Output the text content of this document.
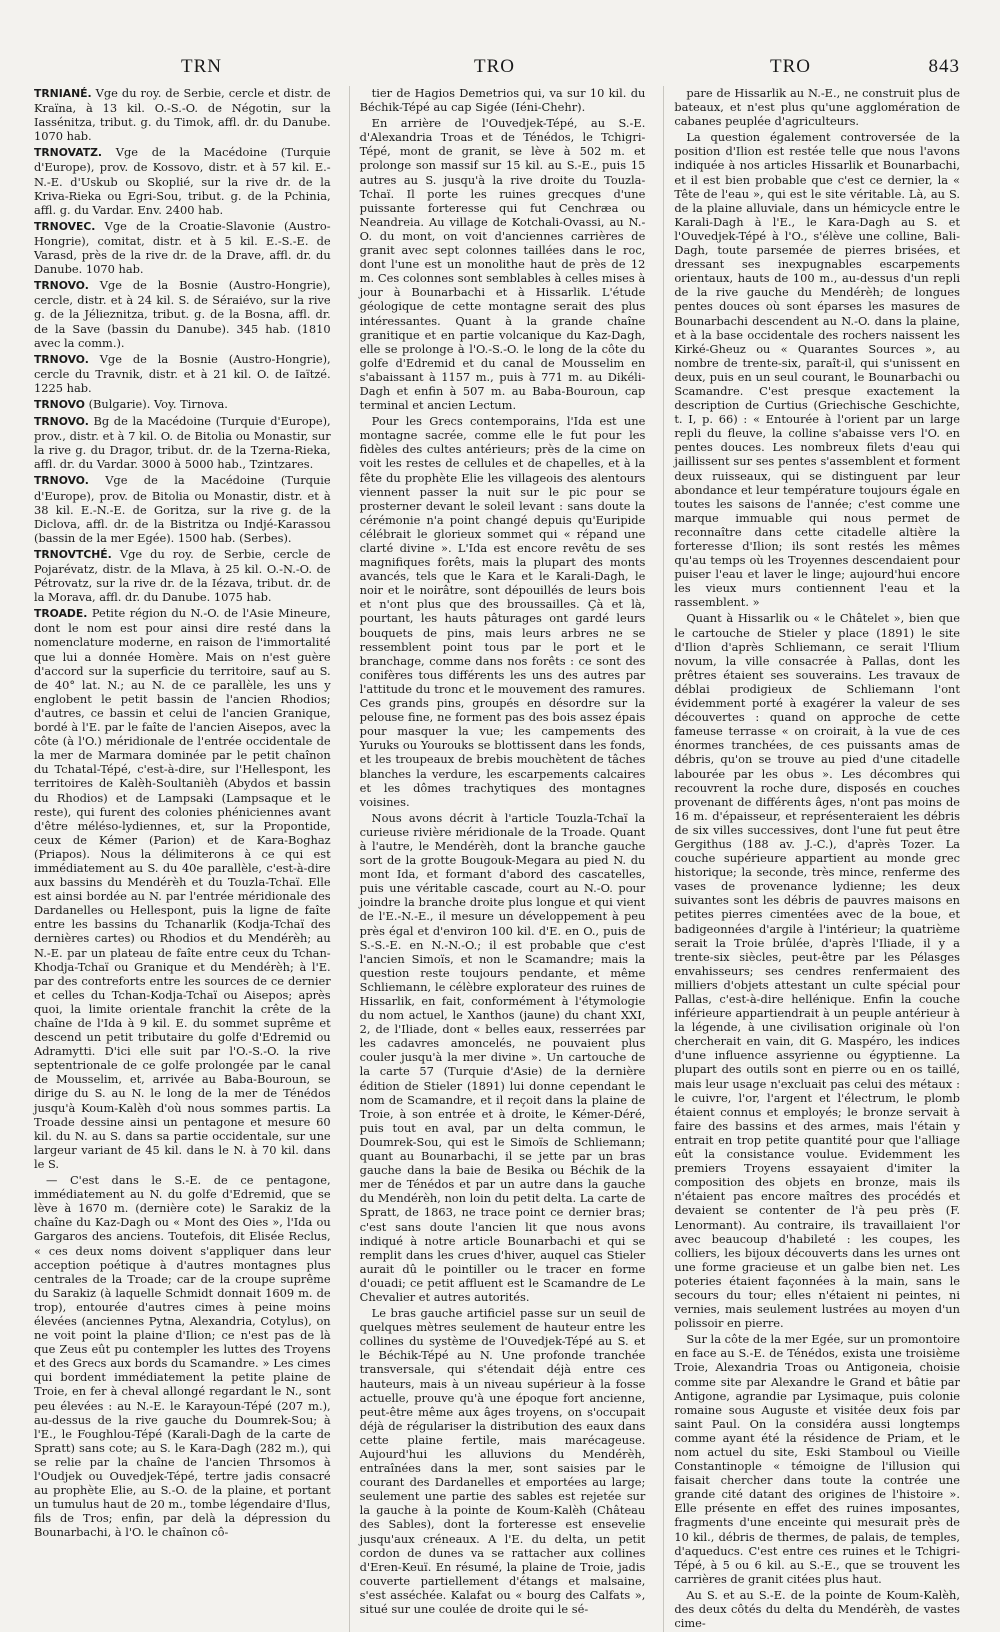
TRN	TRO	TRO	843

TRNIANÉ. Vge du roy. de Serbie, cercle et distr. de Kraïna, à 13 kil. O.-S.-O. de Négotin, sur la Iassénitza, tribut. g. du Timok, affl. dr. du Danube. 1070 hab.

TRNOVATZ. Vge de la Macédoine (Turquie d'Europe), prov. de Kossovo, distr. et à 57 kil. E.-N.-E. d'Uskub ou Skoplié, sur la rive dr. de la Kriva-Rieka ou Egri-Sou, tribut. g. de la Pchinia, affl. g. du Vardar. Env. 2400 hab.

TRNOVEC. Vge de la Croatie-Slavonie (Austro-Hongrie), comitat, distr. et à 5 kil. E.-S.-E. de Varasd, près de la rive dr. de la Drave, affl. dr. du Danube. 1070 hab.

TRNOVO. Vge de la Bosnie (Austro-Hongrie), cercle, distr. et à 24 kil. S. de Séraiévo, sur la rive g. de la Jélieznitza, tribut. g. de la Bosna, affl. dr. de la Save (bassin du Danube). 345 hab. (1810 avec la comm.).

TRNOVO. Vge de la Bosnie (Austro-Hongrie), cercle du Travnik, distr. et à 21 kil. O. de Iaïtzé. 1225 hab.

TRNOVO (Bulgarie). Voy. Tirnova.

TRNOVO. Bg de la Macédoine (Turquie d'Europe), prov., distr. et à 7 kil. O. de Bitolia ou Monastir, sur la rive g. du Dragor, tribut. dr. de la Tzerna-Rieka, affl. dr. du Vardar. 3000 à 5000 hab., Tzintzares.

TRNOVO. Vge de la Macédoine (Turquie d'Europe), prov. de Bitolia ou Monastir, distr. et à 38 kil. E.-N.-E. de Goritza, sur la rive g. de la Diclova, affl. dr. de la Bistritza ou Indjé-Karassou (bassin de la mer Egée). 1500 hab. (Serbes).

TRNOVTCHÉ. Vge du roy. de Serbie, cercle de Pojarévatz, distr. de la Mlava, à 25 kil. O.-N.-O. de Pétrovatz, sur la rive dr. de la Iézava, tribut. dr. de la Morava, affl. dr. du Danube. 1075 hab.

TROADE. Petite région du N.-O. de l'Asie Mineure, dont le nom est pour ainsi dire resté dans la nomenclature moderne, en raison de l'immortalité que lui a donnée Homère. Mais on n'est guère d'accord sur la superficie du territoire, sauf au S. de 40° lat. N.; au N. de ce parallèle, les uns y englobent le petit bassin de l'ancien Rhodios; d'autres, ce bassin et celui de l'ancien Granique, bordé à l'E. par le faîte de l'ancien Aisepos, avec la côte (à l'O.) méridionale de l'entrée occidentale de la mer de Marmara dominée par le petit chaînon du Tchatal-Tépé, c'est-à-dire, sur l'Hellespont, les territoires de Kalèh-Soultanièh (Abydos et bassin du Rhodios) et de Lampsaki (Lampsaque et le reste), qui furent des colonies phéniciennes avant d'être méléso-lydiennes, et, sur la Propontide, ceux de Kémer (Parion) et de Kara-Boghaz (Priapos). Nous la délimiterons à ce qui est immédiatement au S. du 40e parallèle, c'est-à-dire aux bassins du Mendérèh et du Touzla-Tchaï. Elle est ainsi bordée au N. par l'entrée méridionale des Dardanelles ou Hellespont, puis la ligne de faîte entre les bassins du Tchanarlik (Kodja-Tchaï des dernières cartes) ou Rhodios et du Mendérèh; au N.-E. par un plateau de faîte entre ceux du Tchan-Khodja-Tchaï ou Granique et du Mendérèh; à l'E. par des contreforts entre les sources de ce dernier et celles du Tchan-Kodja-Tchaï ou Aisepos; après quoi, la limite orientale franchit la crête de la chaîne de l'Ida à 9 kil. E. du sommet suprême et descend un petit tributaire du golfe d'Edremid ou Adramytti. D'ici elle suit par l'O.-S.-O. la rive septentrionale de ce golfe prolongée par le canal de Mousselim, et, arrivée au Baba-Bouroun, se dirige du S. au N. le long de la mer de Ténédos jusqu'à Koum-Kalèh d'où nous sommes partis. La Troade dessine ainsi un pentagone et mesure 60 kil. du N. au S. dans sa partie occidentale, sur une largeur variant de 45 kil. dans le N. à 70 kil. dans le S.

— C'est dans le S.-E. de ce pentagone, immédiatement au N. du golfe d'Edremid, que se lève à 1670 m. (dernière cote) le Sarakiz de la chaîne du Kaz-Dagh ou « Mont des Oies », l'Ida ou Gargaros des anciens. Toutefois, dit Elisée Reclus, « ces deux noms doivent s'appliquer dans leur acception poétique à d'autres montagnes plus centrales de la Troade; car de la croupe suprême du Sarakiz (à laquelle Schmidt donnait 1609 m. de trop), entourée d'autres cimes à peine moins élevées (anciennes Pytna, Alexandria, Cotylus), on ne voit point la plaine d'Ilion; ce n'est pas de là que Zeus eût pu contempler les luttes des Troyens et des Grecs aux bords du Scamandre. » Les cimes qui bordent immédiatement la petite plaine de Troie, en fer à cheval allongé regardant le N., sont peu élevées : au N.-E. le Karayoun-Tépé (207 m.), au-dessus de la rive gauche du Doumrek-Sou; à l'E., le Foughlou-Tépé (Karali-Dagh de la carte de Spratt) sans cote; au S. le Kara-Dagh (282 m.), qui se relie par la chaîne de l'ancien Thrsomos à l'Oudjek ou Ouvedjek-Tépé, tertre jadis consacré au prophète Elie, au S.-O. de la plaine, et portant un tumulus haut de 20 m., tombe légendaire d'Ilus, fils de Tros; enfin, par delà la dépression du Bounarbachi, à l'O. le chaînon cô-

tier de Hagios Demetrios qui, va sur 10 kil. du Béchik-Tépé au cap Sigée (Iéni-Chehr).

En arrière de l'Ouvedjek-Tépé, au S.-E. d'Alexandria Troas et de Ténédos, le Tchigri-Tépé, mont de granit, se lève à 502 m. et prolonge son massif sur 15 kil. au S.-E., puis 15 autres au S. jusqu'à la rive droite du Touzla-Tchaï. Il porte les ruines grecques d'une puissante forteresse qui fut Cenchræa ou Neandreia. Au village de Kotchali-Ovassi, au N.-O. du mont, on voit d'anciennes carrières de granit avec sept colonnes taillées dans le roc, dont l'une est un monolithe haut de près de 12 m. Ces colonnes sont semblables à celles mises à jour à Bounarbachi et à Hissarlik. L'étude géologique de cette montagne serait des plus intéressantes. Quant à la grande chaîne granitique et en partie volcanique du Kaz-Dagh, elle se prolonge à l'O.-S.-O. le long de la côte du golfe d'Edremid et du canal de Mousselim en s'abaissant à 1157 m., puis à 771 m. au Dikéli-Dagh et enfin à 507 m. au Baba-Bouroun, cap terminal et ancien Lectum.

Pour les Grecs contemporains, l'Ida est une montagne sacrée, comme elle le fut pour les fidèles des cultes antérieurs; près de la cime on voit les restes de cellules et de chapelles, et à la fête du prophète Elie les villageois des alentours viennent passer la nuit sur le pic pour se prosterner devant le soleil levant : sans doute la cérémonie n'a point changé depuis qu'Euripide célébrait le glorieux sommet qui « répand une clarté divine ». L'Ida est encore revêtu de ses magnifiques forêts, mais la plupart des monts avancés, tels que le Kara et le Karali-Dagh, le noir et le noirâtre, sont dépouillés de leurs bois et n'ont plus que des broussailles. Çà et là, pourtant, les hauts pâturages ont gardé leurs bouquets de pins, mais leurs arbres ne se ressemblent point tous par le port et le branchage, comme dans nos forêts : ce sont des conifères tous différents les uns des autres par l'attitude du tronc et le mouvement des ramures. Ces grands pins, groupés en désordre sur la pelouse fine, ne forment pas des bois assez épais pour masquer la vue; les campements des Yuruks ou Yourouks se blottissent dans les fonds, et les troupeaux de brebis mouchètent de tâches blanches la verdure, les escarpements calcaires et les dômes trachytiques des montagnes voisines.

Nous avons décrit à l'article Touzla-Tchaï la curieuse rivière méridionale de la Troade. Quant à l'autre, le Mendérèh, dont la branche gauche sort de la grotte Bougouk-Megara au pied N. du mont Ida, et formant d'abord des cascatelles, puis une véritable cascade, court au N.-O. pour joindre la branche droite plus longue et qui vient de l'E.-N.-E., il mesure un développement à peu près égal et d'environ 100 kil. d'E. en O., puis de S.-S.-E. en N.-N.-O.; il est probable que c'est l'ancien Simoïs, et non le Scamandre; mais la question reste toujours pendante, et même Schliemann, le célèbre explorateur des ruines de Hissarlik, en fait, conformément à l'étymologie du nom actuel, le Xanthos (jaune) du chant XXI, 2, de l'Iliade, dont « belles eaux, resserrées par les cadavres amoncelés, ne pouvaient plus couler jusqu'à la mer divine ». Un cartouche de la carte 57 (Turquie d'Asie) de la dernière édition de Stieler (1891) lui donne cependant le nom de Scamandre, et il reçoit dans la plaine de Troie, à son entrée et à droite, le Kémer-Déré, puis tout en aval, par un delta commun, le Doumrek-Sou, qui est le Simoïs de Schliemann; quant au Bounarbachi, il se jette par un bras gauche dans la baie de Besika ou Béchik de la mer de Ténédos et par un autre dans la gauche du Mendérèh, non loin du petit delta. La carte de Spratt, de 1863, ne trace point ce dernier bras; c'est sans doute l'ancien lit que nous avons indiqué à notre article Bounarbachi et qui se remplit dans les crues d'hiver, auquel cas Stieler aurait dû le pointiller ou le tracer en forme d'ouadi; ce petit affluent est le Scamandre de Le Chevalier et autres autorités.

Le bras gauche artificiel passe sur un seuil de quelques mètres seulement de hauteur entre les collines du système de l'Ouvedjek-Tépé au S. et le Béchik-Tépé au N. Une profonde tranchée transversale, qui s'étendait déjà entre ces hauteurs, mais à un niveau supérieur à la fosse actuelle, prouve qu'à une époque fort ancienne, peut-être même aux âges troyens, on s'occupait déjà de régulariser la distribution des eaux dans cette plaine fertile, mais marécageuse. Aujourd'hui les alluvions du Mendérèh, entraînées dans la mer, sont saisies par le courant des Dardanelles et emportées au large; seulement une partie des sables est rejetée sur la gauche à la pointe de Koum-Kalèh (Château des Sables), dont la forteresse est ensevelie jusqu'aux créneaux. A l'E. du delta, un petit cordon de dunes va se rattacher aux collines d'Eren-Keuï. En résumé, la plaine de Troie, jadis couverte partiellement d'étangs et malsaine, s'est asséchée. Kalafat ou « bourg des Calfats », situé sur une coulée de droite qui le sé-

pare de Hissarlik au N.-E., ne construit plus de bateaux, et n'est plus qu'une agglomération de cabanes peuplée d'agriculteurs.

La question également controversée de la position d'Ilion est restée telle que nous l'avons indiquée à nos articles Hissarlik et Bounarbachi, et il est bien probable que c'est ce dernier, la « Tête de l'eau », qui est le site véritable. Là, au S. de la plaine alluviale, dans un hémicycle entre le Karali-Dagh à l'E., le Kara-Dagh au S. et l'Ouvedjek-Tépé à l'O., s'élève une colline, Bali-Dagh, toute parsemée de pierres brisées, et dressant ses inexpugnables escarpements orientaux, hauts de 100 m., au-dessus d'un repli de la rive gauche du Mendérèh; de longues pentes douces où sont éparses les masures de Bounarbachi descendent au N.-O. dans la plaine, et à la base occidentale des rochers naissent les Kirké-Gheuz ou « Quarantes Sources », au nombre de trente-six, paraît-il, qui s'unissent en deux, puis en un seul courant, le Bounarbachi ou Scamandre. C'est presque exactement la description de Curtius (Griechische Geschichte, t. I, p. 66) : « Entourée à l'orient par un large repli du fleuve, la colline s'abaisse vers l'O. en pentes douces. Les nombreux filets d'eau qui jaillissent sur ses pentes s'assemblent et forment deux ruisseaux, qui se distinguent par leur abondance et leur température toujours égale en toutes les saisons de l'année; c'est comme une marque immuable qui nous permet de reconnaître dans cette citadelle altière la forteresse d'Ilion; ils sont restés les mêmes qu'au temps où les Troyennes descendaient pour puiser l'eau et laver le linge; aujourd'hui encore les vieux murs contiennent l'eau et la rassemblent. »

Quant à Hissarlik ou « le Châtelet », bien que le cartouche de Stieler y place (1891) le site d'Ilion d'après Schliemann, ce serait l'Ilium novum, la ville consacrée à Pallas, dont les prêtres étaient ses souverains. Les travaux de déblai prodigieux de Schliemann l'ont évidemment porté à exagérer la valeur de ses découvertes : quand on approche de cette fameuse terrasse « on croirait, à la vue de ces énormes tranchées, de ces puissants amas de débris, qu'on se trouve au pied d'une citadelle labourée par les obus ». Les décombres qui recouvrent la roche dure, disposés en couches provenant de différents âges, n'ont pas moins de 16 m. d'épaisseur, et représenteraient les débris de six villes successives, dont l'une fut peut être Gergithus (188 av. J.-C.), d'après Tozer. La couche supérieure appartient au monde grec historique; la seconde, très mince, renferme des vases de provenance lydienne; les deux suivantes sont les débris de pauvres maisons en petites pierres cimentées avec de la boue, et badigeonnées d'argile à l'intérieur; la quatrième serait la Troie brûlée, d'après l'Iliade, il y a trente-six siècles, peut-être par les Pélasges envahisseurs; ses cendres renfermaient des milliers d'objets attestant un culte spécial pour Pallas, c'est-à-dire hellénique. Enfin la couche inférieure appartiendrait à un peuple antérieur à la légende, à une civilisation originale où l'on chercherait en vain, dit G. Maspéro, les indices d'une influence assyrienne ou égyptienne. La plupart des outils sont en pierre ou en os taillé, mais leur usage n'excluait pas celui des métaux : le cuivre, l'or, l'argent et l'électrum, le plomb étaient connus et employés; le bronze servait à faire des bassins et des armes, mais l'étain y entrait en trop petite quantité pour que l'alliage eût la consistance voulue. Evidemment les premiers Troyens essayaient d'imiter la composition des objets en bronze, mais ils n'étaient pas encore maîtres des procédés et devaient se contenter de l'à peu près (F. Lenormant). Au contraire, ils travaillaient l'or avec beaucoup d'habileté : les coupes, les colliers, les bijoux découverts dans les urnes ont une forme gracieuse et un galbe bien net. Les poteries étaient façonnées à la main, sans le secours du tour; elles n'étaient ni peintes, ni vernies, mais seulement lustrées au moyen d'un polissoir en pierre.

Sur la côte de la mer Egée, sur un promontoire en face au S.-E. de Ténédos, exista une troisième Troie, Alexandria Troas ou Antigoneia, choisie comme site par Alexandre le Grand et bâtie par Antigone, agrandie par Lysimaque, puis colonie romaine sous Auguste et visitée deux fois par saint Paul. On la considéra aussi longtemps comme ayant été la résidence de Priam, et le nom actuel du site, Eski Stamboul ou Vieille Constantinople « témoigne de l'illusion qui faisait chercher dans toute la contrée une grande cité datant des origines de l'histoire ». Elle présente en effet des ruines imposantes, fragments d'une enceinte qui mesurait près de 10 kil., débris de thermes, de palais, de temples, d'aqueducs. C'est entre ces ruines et le Tchigri-Tépé, à 5 ou 6 kil. au S.-E., que se trouvent les carrières de granit citées plus haut.

Au S. et au S.-E. de la pointe de Koum-Kalèh, des deux côtés du delta du Mendérèh, de vastes cime-
